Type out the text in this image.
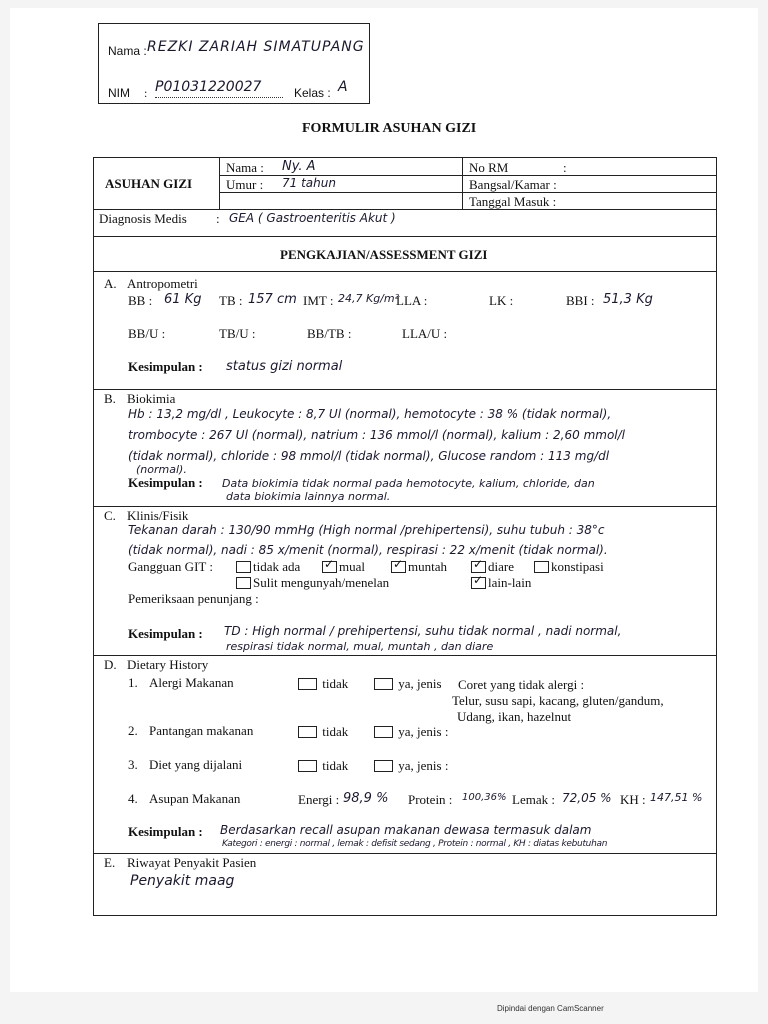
Nama : REZKI ZARIAH SIMATUPANG
NIM : P01031220027	Kelas : A
FORMULIR ASUHAN GIZI
ASUHAN GIZI
Nama : Ny. A
Umur : 71 tahun
No RM	:
Bangsal/Kamar :
Tanggal Masuk :
Diagnosis Medis : GEA ( Gastroenteritis Akut )
PENGKAJIAN/ASSESSMENT GIZI
A. Antropometri
BB : 61 Kg TB : 157 cm IMT : 24,7 Kg/m²
LLA :	LK :	BBI : 51,3 Kg
BB/U :	TB/U :	BB/TB :	LLA/U :
Kesimpulan : status gizi normal
B. Biokimia
Hb : 13,2 mg/dl , Leukocyte : 8,7 Ul (normal), hemotocyte : 38 % (tidak normal),
trombocyte : 267 Ul (normal), natrium : 136 mmol/l (normal), kalium : 2,60 mmol/l
(tidak normal), chloride : 98 mmol/l (tidak normal), Glucose random : 113 mg/dl
(normal).
Kesimpulan : Data biokimia tidak normal pada hemotocyte, kalium, chloride, dan
data biokimia lainnya normal.
C. Klinis/Fisik
Tekanan darah : 130/90 mmHg (High normal /prehipertensi), suhu tubuh : 38°c
(tidak normal), nadi : 85 x/menit (normal), respirasi : 22 x/menit (tidak normal).
Gangguan GIT :	tidak ada ✓	mual ✓	muntah ✓	diare	konstipasi
Sulit mengunyah/menelan ✓	lain-lain
Pemeriksaan penunjang :
Kesimpulan : TD : High normal / prehipertensi, suhu tidak normal , nadi normal,
respirasi tidak normal, mual, muntah , dan diare
D. Dietary History
1. Alergi Makanan	tidak	ya, jenis Coret yang tidak alergi :
Telur, susu sapi, kacang, gluten/gandum,
Udang, ikan, hazelnut
2. Pantangan makanan	tidak	ya, jenis :
3. Diet yang dijalani	tidak	ya, jenis :
4. Asupan Makanan	Energi : 98,9 % Protein : 100,36% Lemak : 72,05 % KH : 147,51 %
Kesimpulan : Berdasarkan recall asupan makanan dewasa termasuk dalam
Kategori : energi : normal , lemak : defisit sedang , Protein : normal , KH : diatas kebutuhan
E. Riwayat Penyakit Pasien
Penyakit maag
Dipindai dengan CamScanner
